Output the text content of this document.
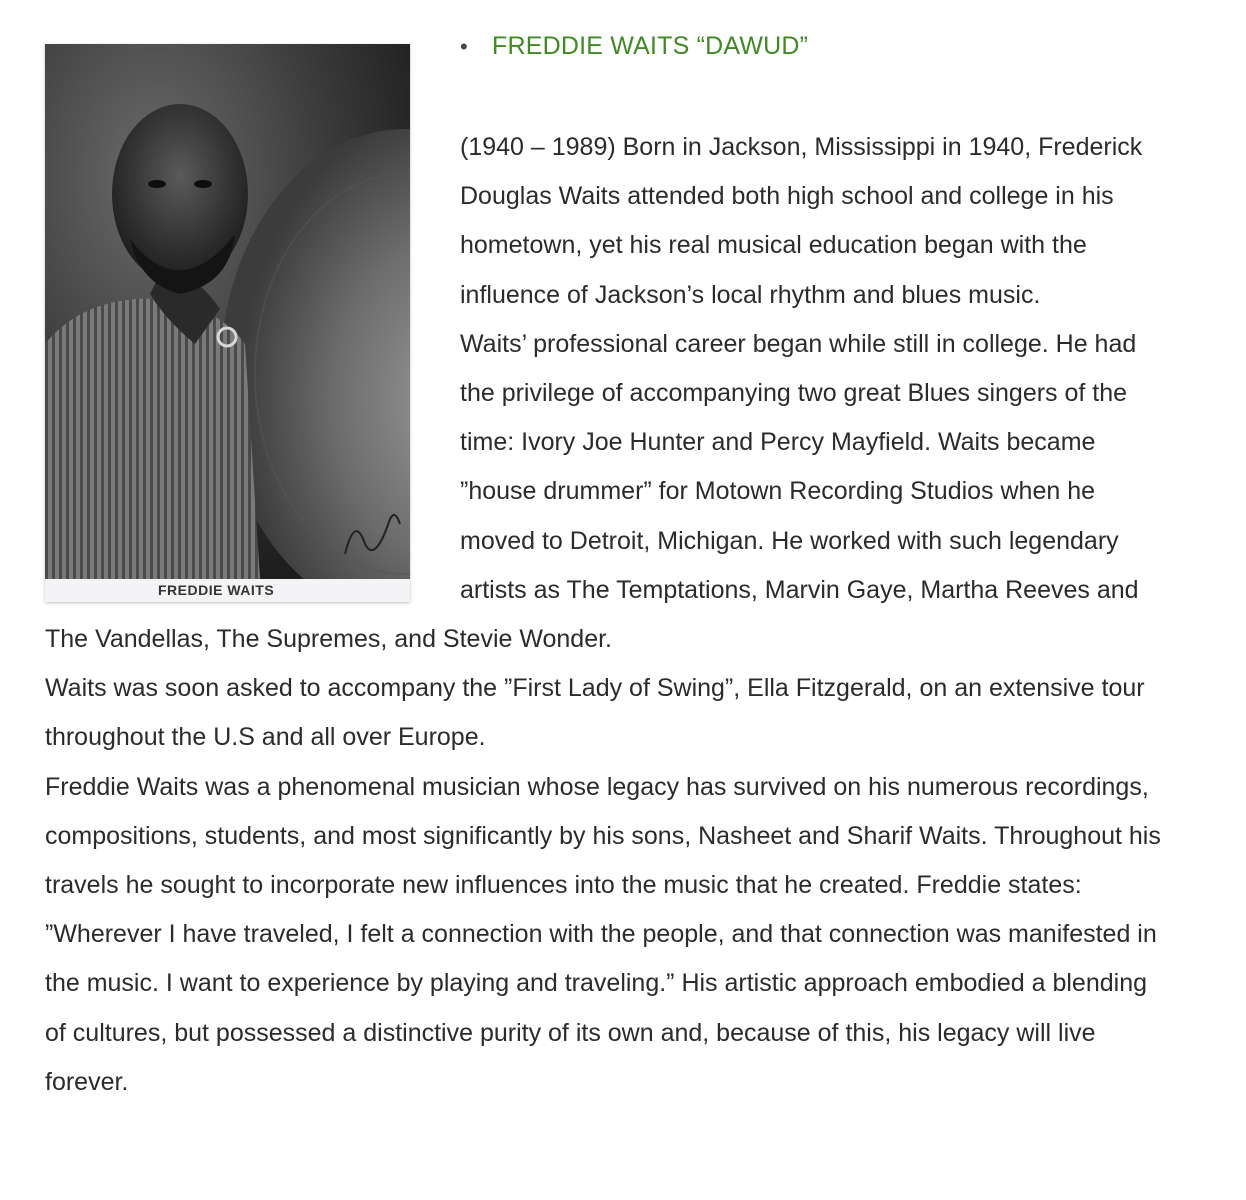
FREDDIE WAITS
• FREDDIE WAITS “DAWUD”

(1940 – 1989) Born in Jackson, Mississippi in 1940, Frederick Douglas Waits attended both high school and college in his hometown, yet his real musical education began with the influence of Jackson’s local rhythm and blues music.

Waits’ professional career began while still in college. He had the privilege of accompanying two great Blues singers of the time: Ivory Joe Hunter and Percy Mayfield. Waits became ”house drummer” for Motown Recording Studios when he moved to Detroit, Michigan. He worked with such legendary artists as The Temptations, Marvin Gaye, Martha Reeves and The Vandellas, The Supremes, and Stevie Wonder.

Waits was soon asked to accompany the ”First Lady of Swing”, Ella Fitzgerald, on an extensive tour throughout the U.S and all over Europe.

Freddie Waits was a phenomenal musician whose legacy has survived on his numerous recordings, compositions, students, and most significantly by his sons, Nasheet and Sharif Waits. Throughout his travels he sought to incorporate new influences into the music that he created. Freddie states: ”Wherever I have traveled, I felt a connection with the people, and that connection was manifested in the music. I want to experience by playing and traveling.” His artistic approach embodied a blending of cultures, but possessed a distinctive purity of its own and, because of this, his legacy will live forever.
